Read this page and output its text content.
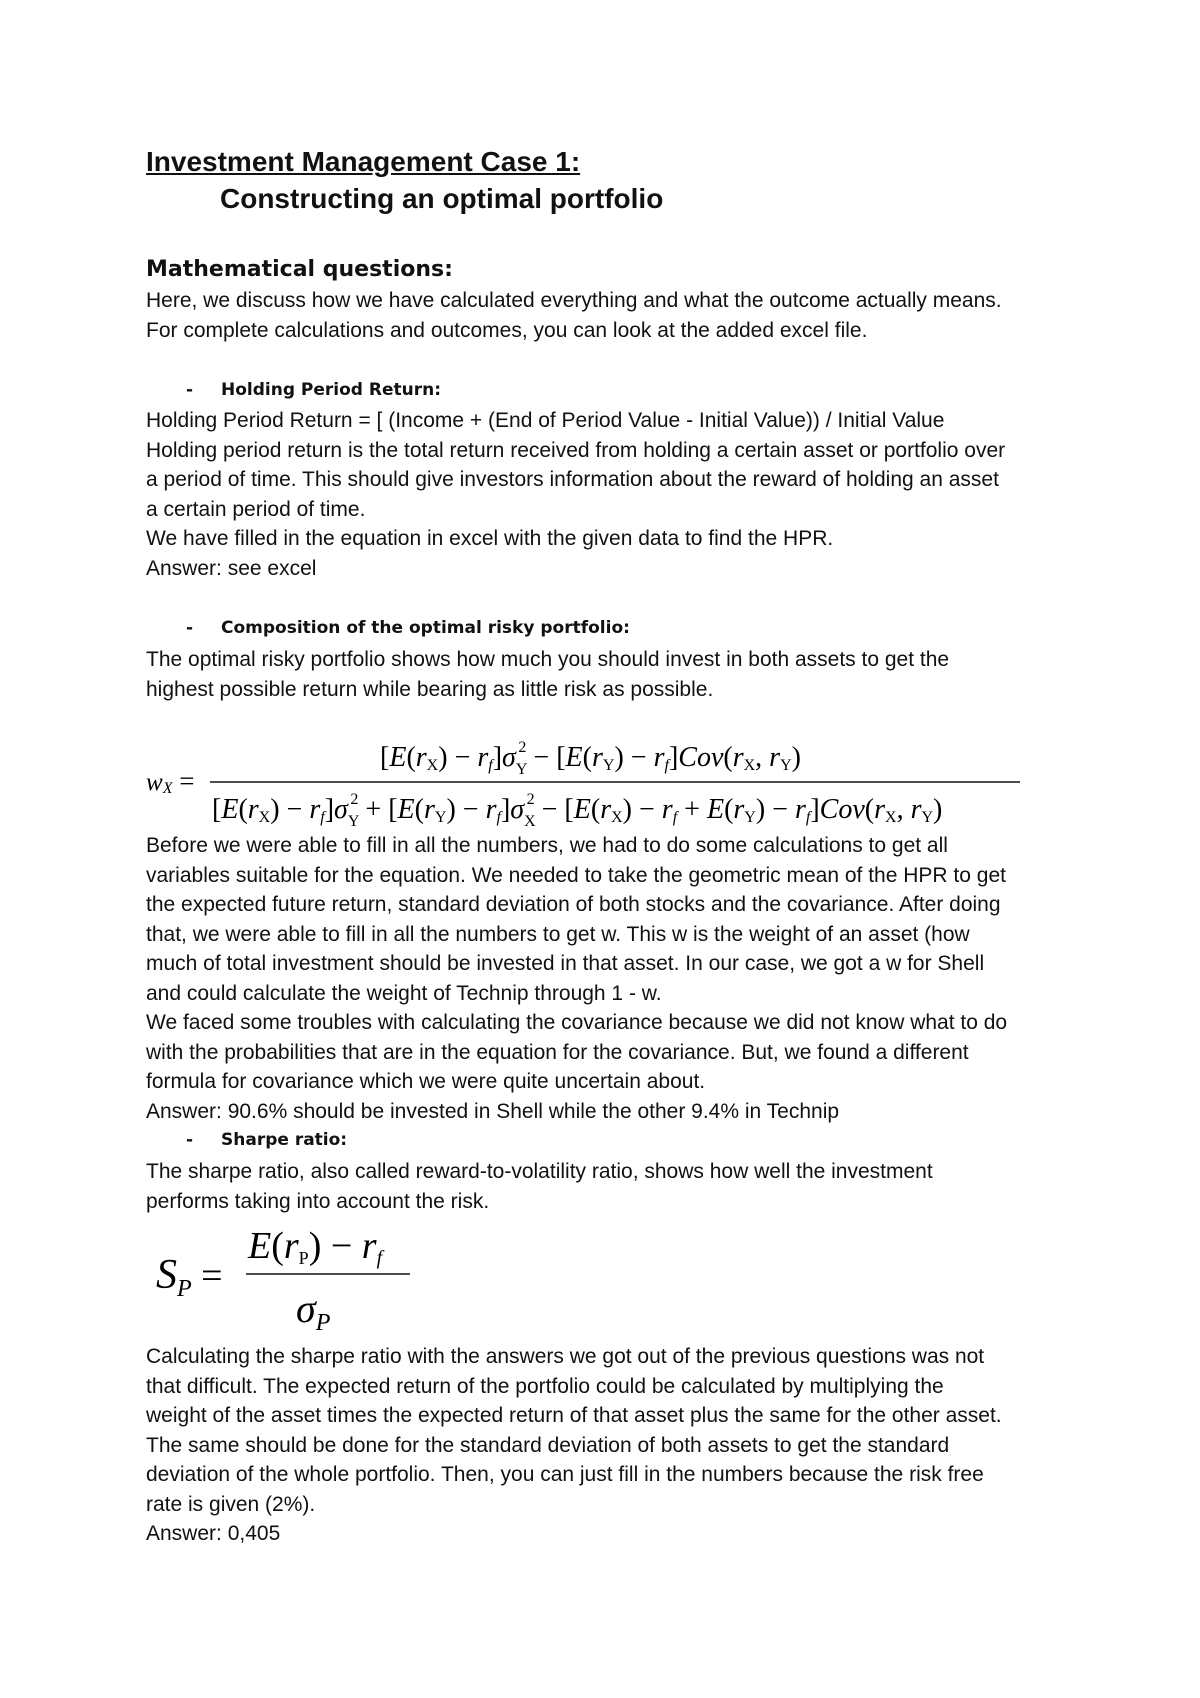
Investment Management Case 1:
Constructing an optimal portfolio
Mathematical questions:
Here, we discuss how we have calculated everything and what the outcome actually means.
For complete calculations and outcomes, you can look at the added excel file.
- Holding Period Return:
Holding Period Return = [ (Income + (End of Period Value - Initial Value)) / Initial Value
Holding period return is the total return received from holding a certain asset or portfolio over
a period of time. This should give investors information about the reward of holding an asset
a certain period of time.
We have filled in the equation in excel with the given data to find the HPR.
Answer: see excel
- Composition of the optimal risky portfolio:
The optimal risky portfolio shows how much you should invest in both assets to get the
highest possible return while bearing as little risk as possible.
wX =
$[E(rX) - rf]\sigma_Y2 - [E(rY) - rf]Cov(rX$, rY)
$[E(rX) - rf]\sigma_Y2 + [E(rY) - rf]\sigma_X2 - [E(rX)$ − rf + E(rY) − rf]Cov(rX, rY)
Before we were able to fill in all the numbers, we had to do some calculations to get all
variables suitable for the equation. We needed to take the geometric mean of the HPR to get
the expected future return, standard deviation of both stocks and the covariance. After doing
that, we were able to fill in all the numbers to get w. This w is the weight of an asset (how
much of total investment should be invested in that asset. In our case, we got a w for Shell
and could calculate the weight of Technip through 1 - w.
We faced some troubles with calculating the covariance because we did not know what to do
with the probabilities that are in the equation for the covariance. But, we found a different
formula for covariance which we were quite uncertain about.
Answer: 90.6% should be invested in Shell while the other 9.4% in Technip
- Sharpe ratio:
The sharpe ratio, also called reward-to-volatility ratio, shows how well the investment
performs taking into account the risk.
SP =
E(rP) − rf
$\sigma_P$
Calculating the sharpe ratio with the answers we got out of the previous questions was not
that difficult. The expected return of the portfolio could be calculated by multiplying the
weight of the asset times the expected return of that asset plus the same for the other asset.
The same should be done for the standard deviation of both assets to get the standard
deviation of the whole portfolio. Then, you can just fill in the numbers because the risk free
rate is given (2%).
Answer: 0,405
